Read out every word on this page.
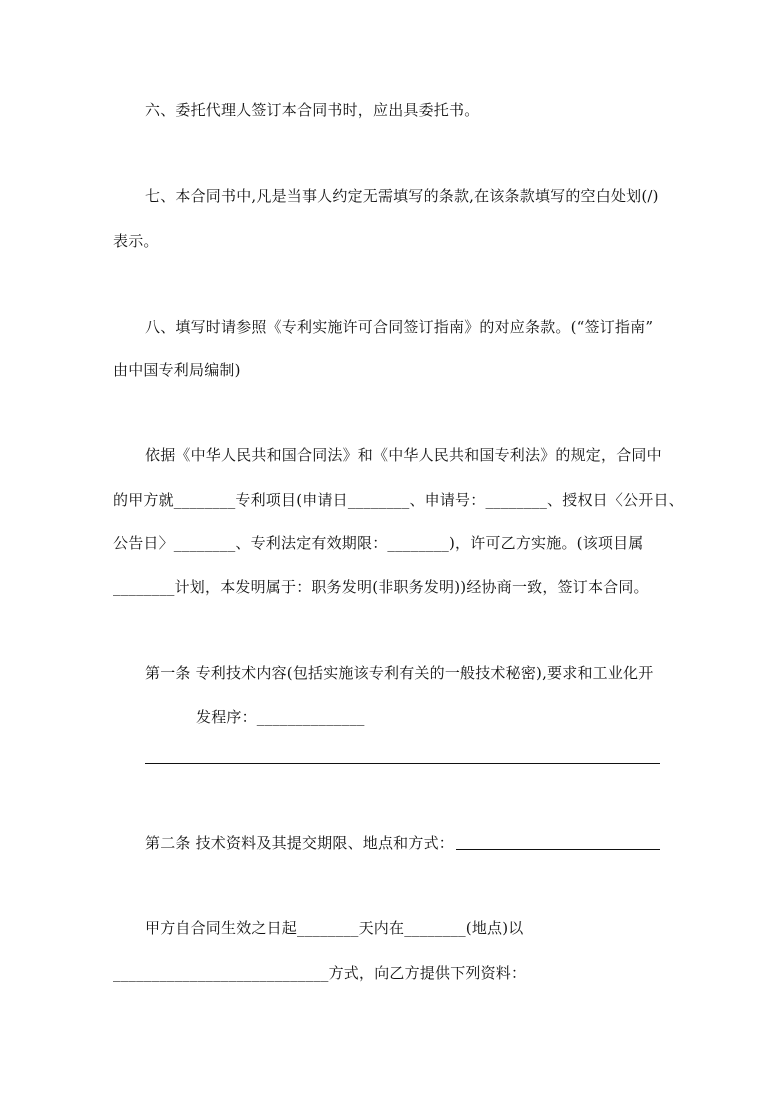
六、委托代理人签订本合同书时，应出具委托书。
七、本合同书中,凡是当事人约定无需填写的条款,在该条款填写的空白处划(/)
表示。
八、填写时请参照《专利实施许可合同签订指南》的对应条款。(“签订指南”
由中国专利局编制)
依据《中华人民共和国合同法》和《中华人民共和国专利法》的规定，合同中
的甲方就________专利项目(申请日________、申请号：________、授权日〈公开日、
公告日〉________、专利法定有效期限：________)，许可乙方实施。(该项目属
________计划，本发明属于：职务发明(非职务发明))经协商一致，签订本合同。
第一条 专利技术内容(包括实施该专利有关的一般技术秘密),要求和工业化开
发程序：______________
第二条 技术资料及其提交期限、地点和方式：
甲方自合同生效之日起________天内在________(地点)以
____________________________方式，向乙方提供下列资料：
